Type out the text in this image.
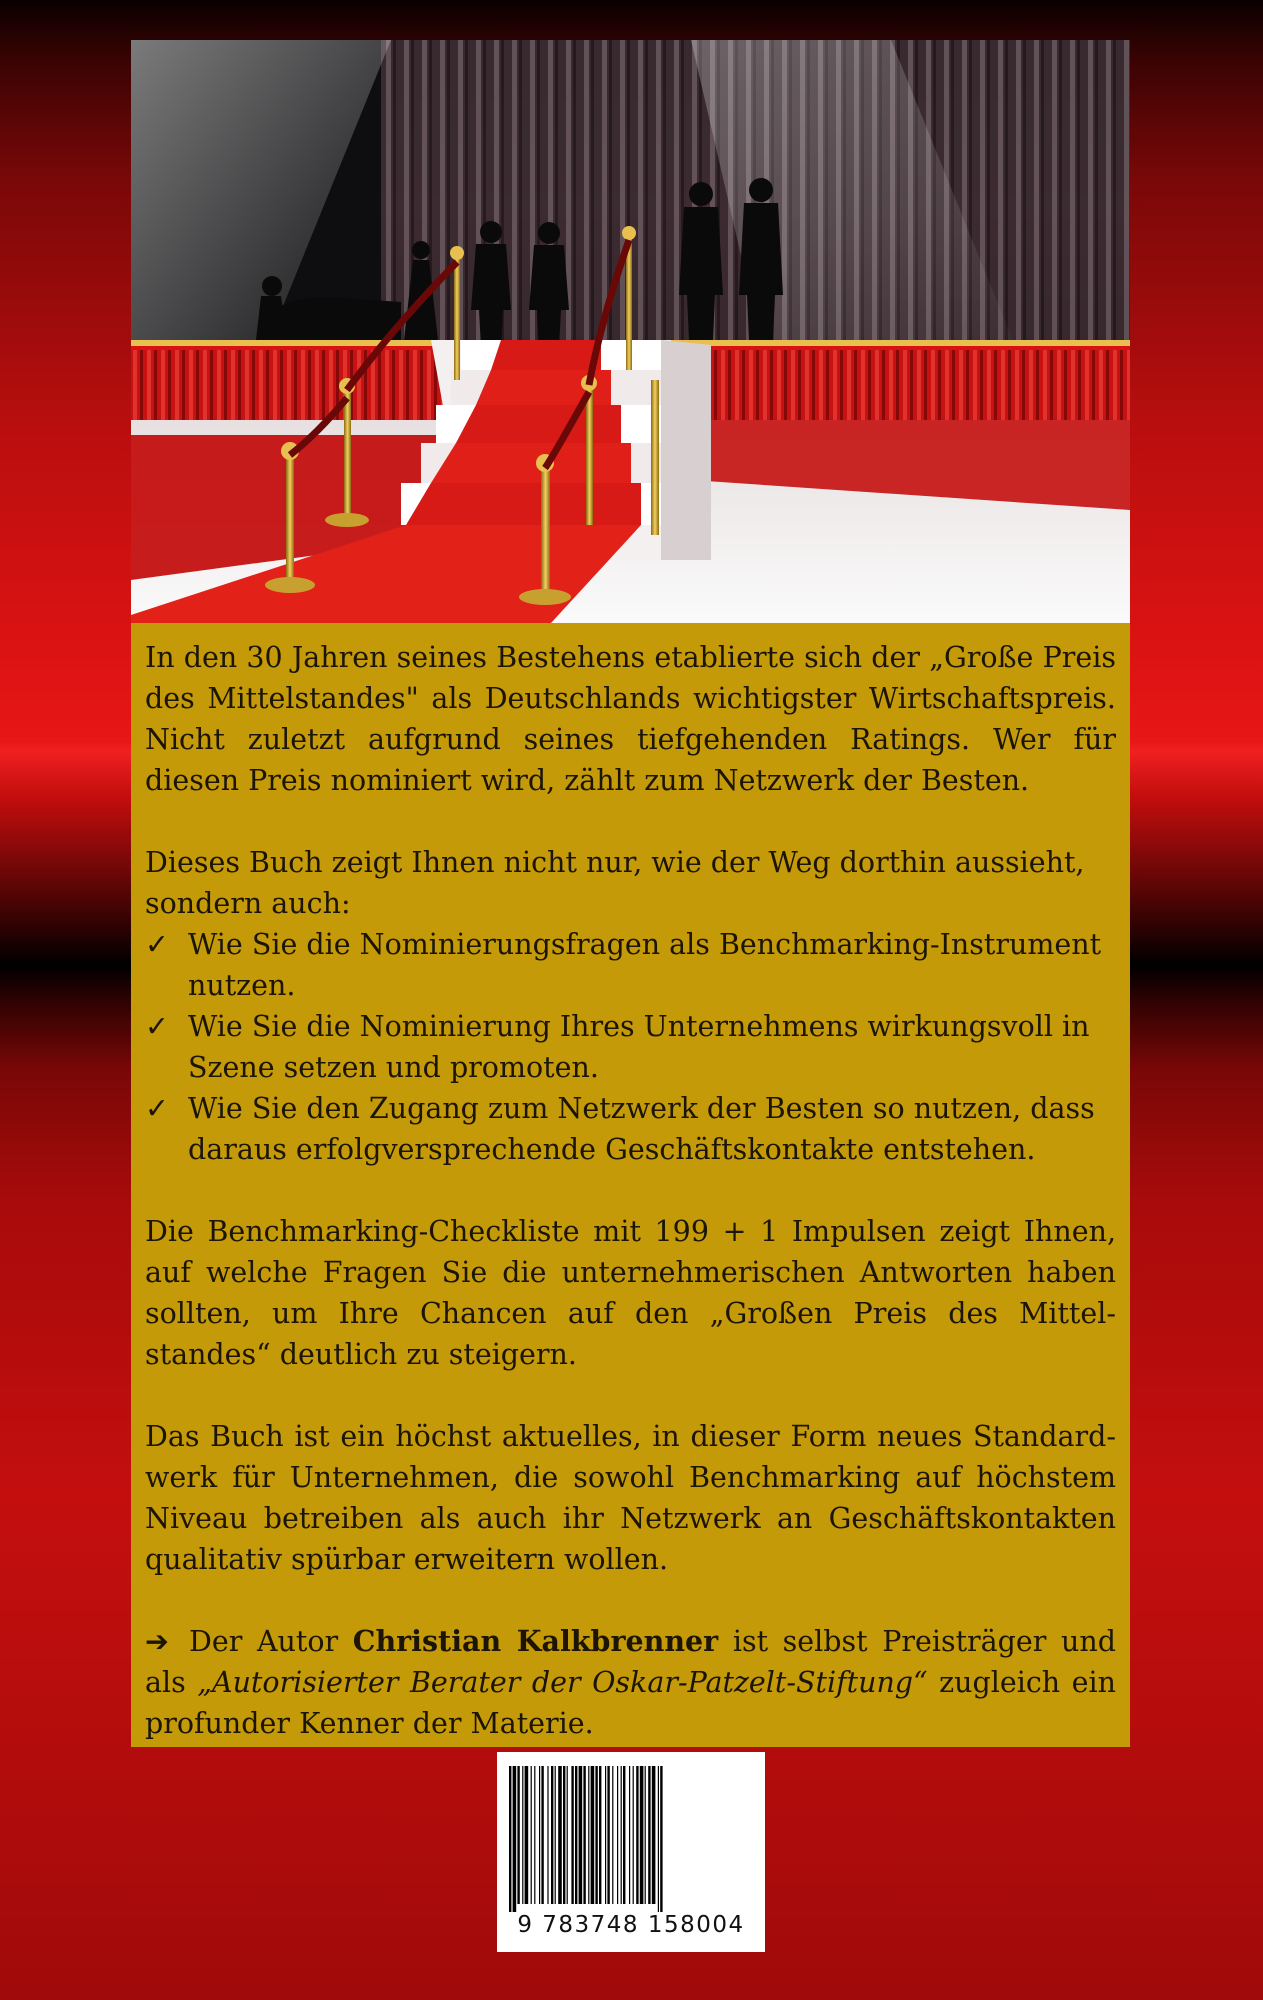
In den 30 Jahren seines Bestehens etablierte sich der „Große Preis des Mittelstandes" als Deutschlands wichtigster Wirtschaftspreis. Nicht zuletzt aufgrund seines tiefgehenden Ratings. Wer für diesen Preis nominiert wird, zählt zum Netzwerk der Besten.

Dieses Buch zeigt Ihnen nicht nur, wie der Weg dorthin aussieht, sondern auch:

✓ Wie Sie die Nominierungsfragen als Benchmarking-Instrument nutzen.
✓ Wie Sie die Nominierung Ihres Unternehmens wirkungsvoll in Szene setzen und promoten.
✓ Wie Sie den Zugang zum Netzwerk der Besten so nutzen, dass daraus erfolgversprechende Geschäftskontakte entstehen.

Die Benchmarking-Checkliste mit 199 + 1 Impulsen zeigt Ihnen, auf welche Fragen Sie die unternehmerischen Antworten haben sollten, um Ihre Chancen auf den „Großen Preis des Mittel-standes“ deutlich zu steigern.

Das Buch ist ein höchst aktuelles, in dieser Form neues Standard-werk für Unternehmen, die sowohl Benchmarking auf höchstem Niveau betreiben als auch ihr Netzwerk an Geschäftskontakten qualitativ spürbar erweitern wollen.

➔ Der Autor Christian Kalkbrenner ist selbst Preisträger und als „Autorisierter Berater der Oskar-Patzelt-Stiftung“ zugleich ein profunder Kenner der Materie.

9 783748 158004
